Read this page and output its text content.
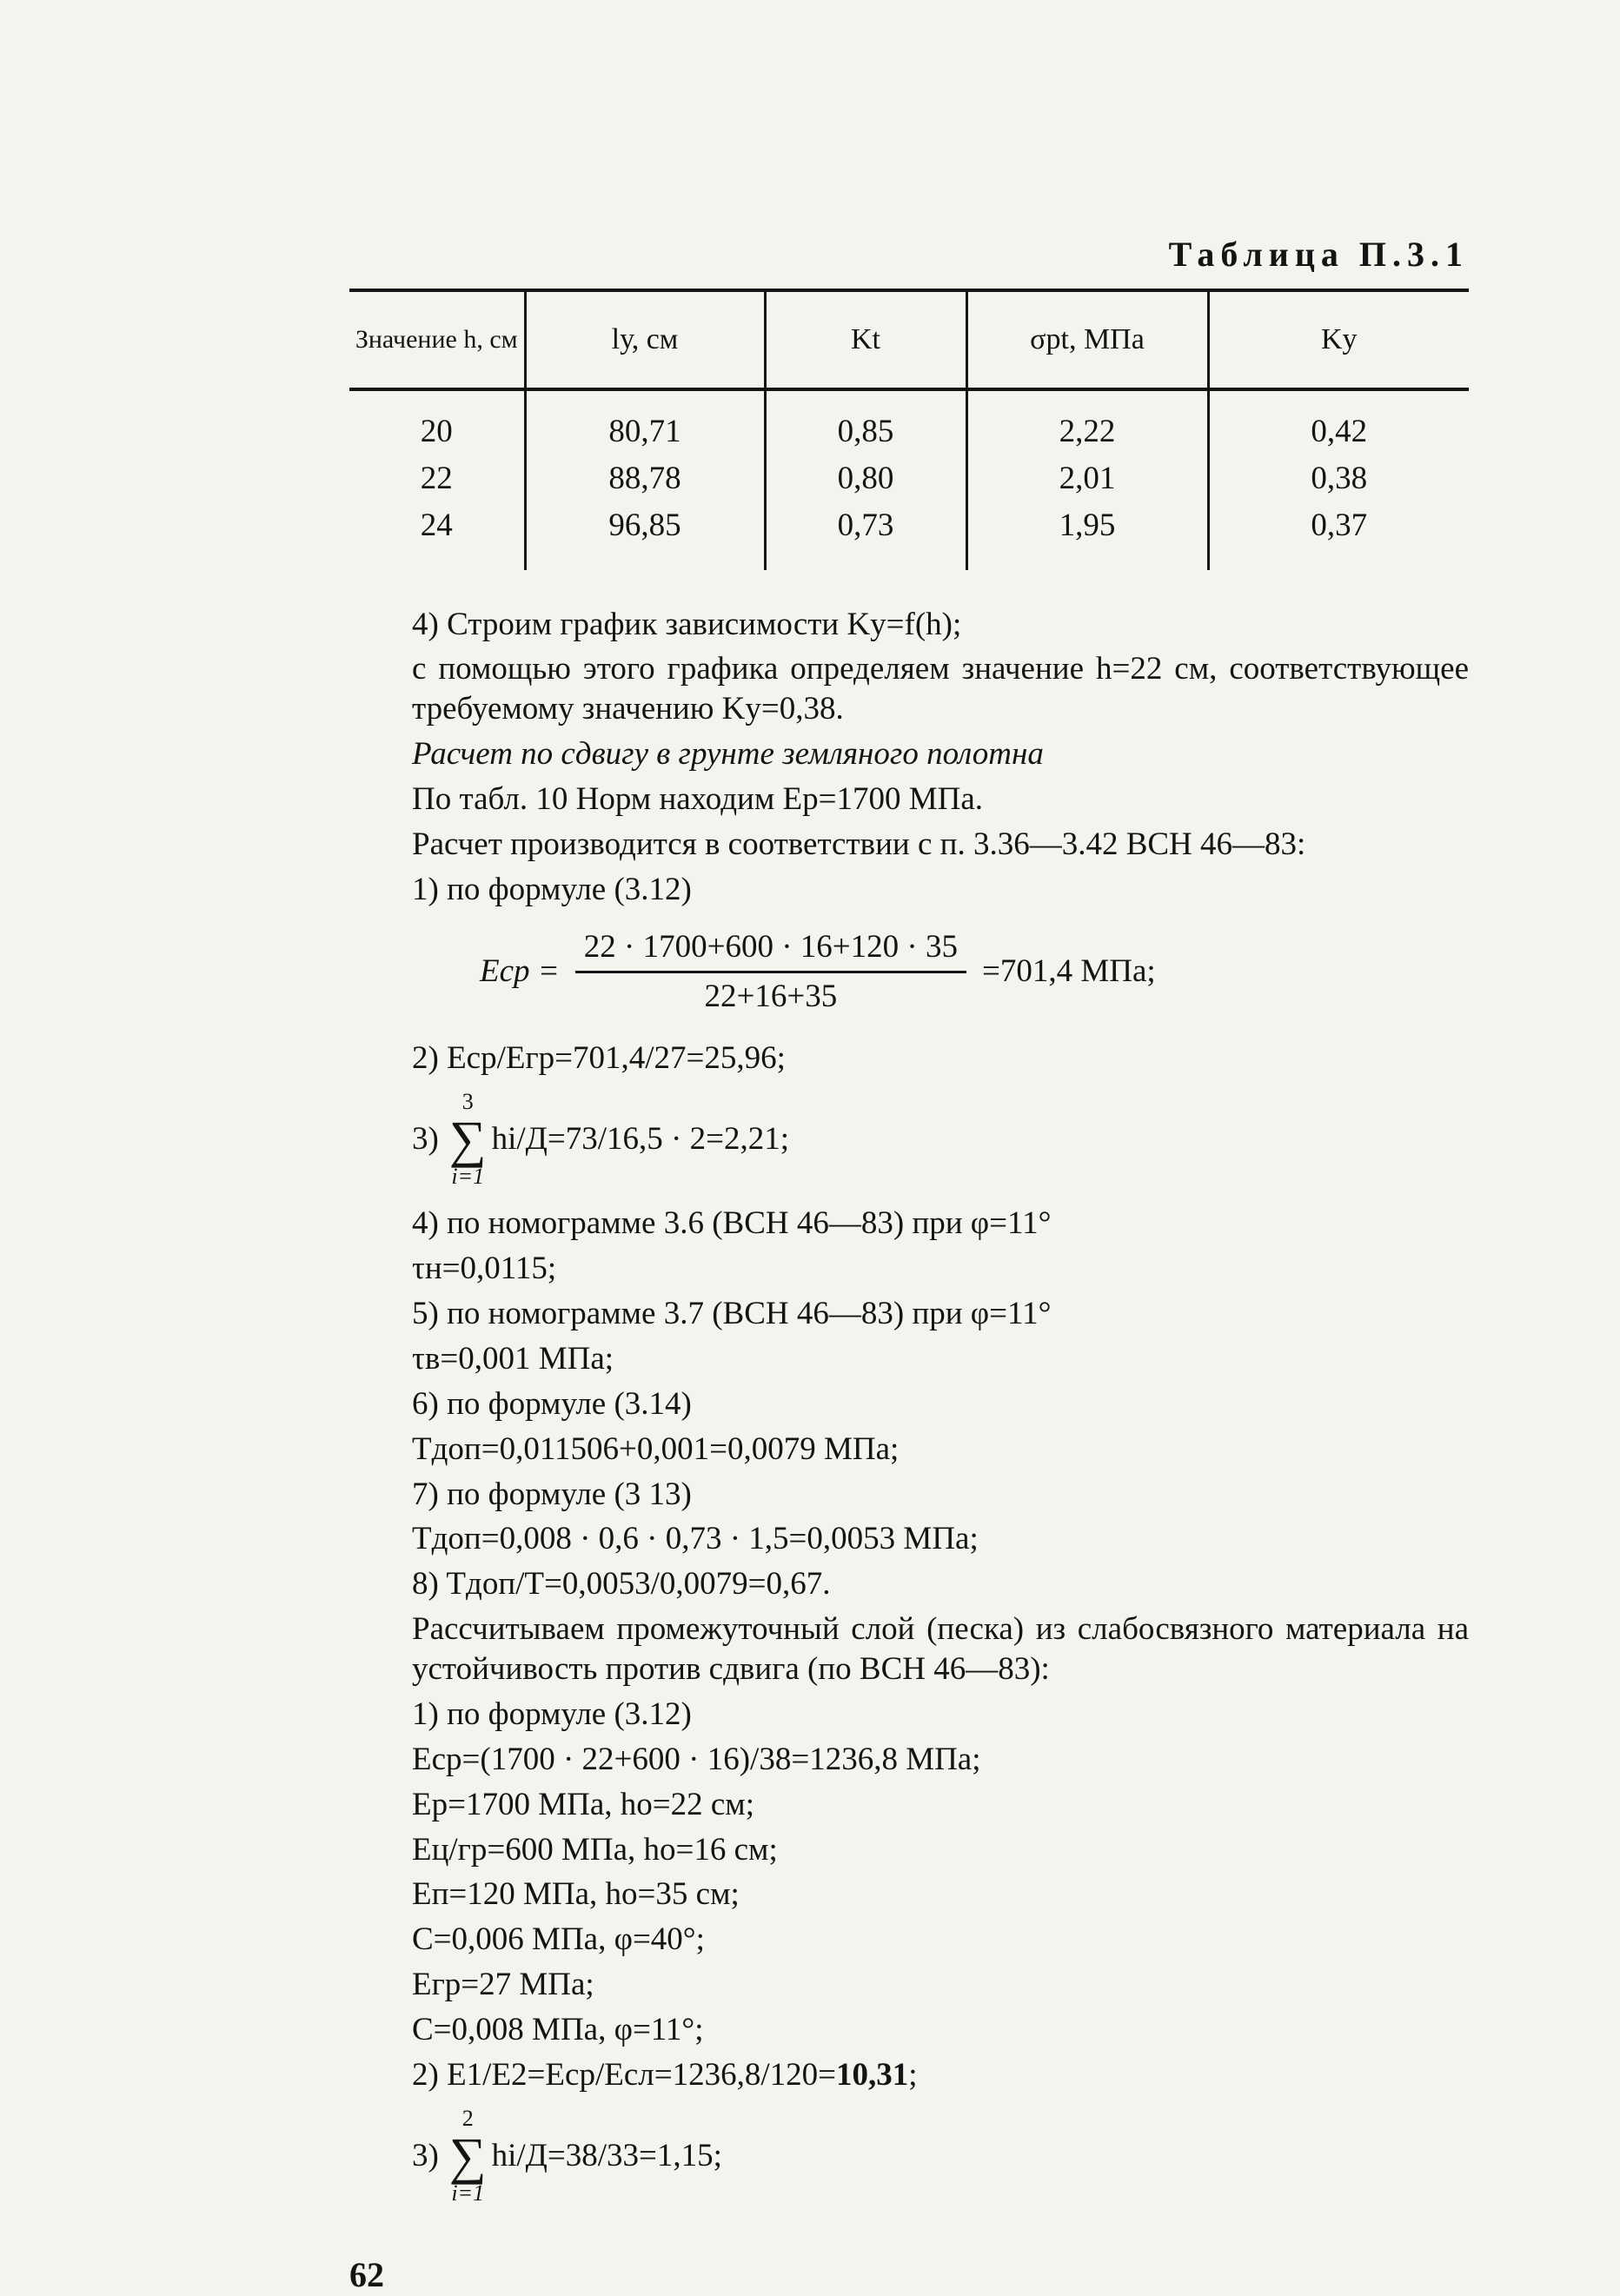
Таблица П.3.1
Значение h, см	lу, см	Kt	σpt, МПа	Kу
20	80,71	0,85	2,22	0,42
22	88,78	0,80	2,01	0,38
24	96,85	0,73	1,95	0,37

4) Строим график зависимости Kу=f(h);

с помощью этого графика определяем значение h=22 см, соответствующее требуемому значению Kу=0,38.

Расчет по сдвигу в грунте земляного полотна

По табл. 10 Норм находим Ep=1700 МПа.

Расчет производится в соответствии с п. 3.36—3.42 ВСН 46—83:

1) по формуле (3.12)

Eср = $\frac{22 \cdot 1700+600 \cdot 16+120 \cdot 35}{22+16+35} =701,4$ МПа;

2) Eср/Eгр=701,4/27=25,96;

3)
3
∑
i=1
hi/Д=73/16,5 · 2=2,21;

4) по номограмме 3.6 (ВСН 46—83) при φ=11°

τн=0,0115;

5) по номограмме 3.7 (ВСН 46—83) при φ=11°

τв=0,001 МПа;

6) по формуле (3.14)

Tдоп=0,011506+0,001=0,0079 МПа;

7) по формуле (3 13)

Tдоп=0,008 · 0,6 · 0,73 · 1,5=0,0053 МПа;

8) Tдоп/T=0,0053/0,0079=0,67.

Рассчитываем промежуточный слой (песка) из слабосвязного материала на устойчивость против сдвига (по ВСН 46—83):

1) по формуле (3.12)

Eср=(1700 · 22+600 · 16)/38=1236,8 МПа;

Ep=1700 МПа, ho=22 см;

Eц/гр=600 МПа, ho=16 см;

Eп=120 МПа, ho=35 см;

C=0,006 МПа, φ=40°;

Eгр=27 МПа;

C=0,008 МПа, φ=11°;

2) E1/E2=Eср/Eсл=1236,8/120=10,31;

3)
2
∑
i=1
hi/Д=38/33=1,15;
62
